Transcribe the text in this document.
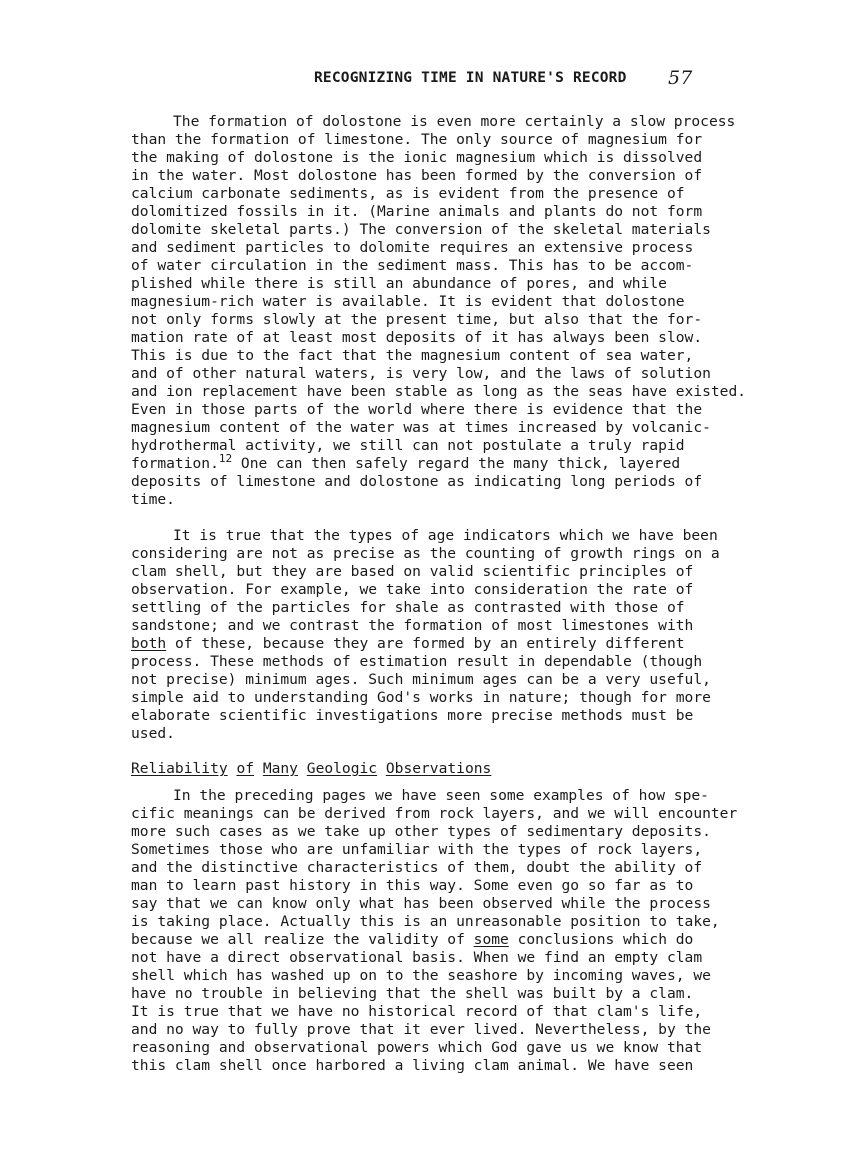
RECOGNIZING TIME IN NATURE'S RECORD 57
The formation of dolostone is even more certainly a slow process
than the formation of limestone. The only source of magnesium for
the making of dolostone is the ionic magnesium which is dissolved
in the water. Most dolostone has been formed by the conversion of
calcium carbonate sediments, as is evident from the presence of
dolomitized fossils in it. (Marine animals and plants do not form
dolomite skeletal parts.) The conversion of the skeletal materials
and sediment particles to dolomite requires an extensive process
of water circulation in the sediment mass. This has to be accom-
plished while there is still an abundance of pores, and while
magnesium-rich water is available. It is evident that dolostone
not only forms slowly at the present time, but also that the for-
mation rate of at least most deposits of it has always been slow.
This is due to the fact that the magnesium content of sea water,
and of other natural waters, is very low, and the laws of solution
and ion replacement have been stable as long as the seas have existed.
Even in those parts of the world where there is evidence that the
magnesium content of the water was at times increased by volcanic-
hydrothermal activity, we still can not postulate a truly rapid
formation.$^{12}$ One can then safely regard the many thick, layered
deposits of limestone and dolostone as indicating long periods of
time.
It is true that the types of age indicators which we have been
considering are not as precise as the counting of growth rings on a
clam shell, but they are based on valid scientific principles of
observation. For example, we take into consideration the rate of
settling of the particles for shale as contrasted with those of
sandstone; and we contrast the formation of most limestones with
both of these, because they are formed by an entirely different
process. These methods of estimation result in dependable (though
not precise) minimum ages. Such minimum ages can be a very useful,
simple aid to understanding God's works in nature; though for more
elaborate scientific investigations more precise methods must be
used.
Reliability of Many Geologic Observations
In the preceding pages we have seen some examples of how spe-
cific meanings can be derived from rock layers, and we will encounter
more such cases as we take up other types of sedimentary deposits.
Sometimes those who are unfamiliar with the types of rock layers,
and the distinctive characteristics of them, doubt the ability of
man to learn past history in this way. Some even go so far as to
say that we can know only what has been observed while the process
is taking place. Actually this is an unreasonable position to take,
because we all realize the validity of some conclusions which do
not have a direct observational basis. When we find an empty clam
shell which has washed up on to the seashore by incoming waves, we
have no trouble in believing that the shell was built by a clam.
It is true that we have no historical record of that clam's life,
and no way to fully prove that it ever lived. Nevertheless, by the
reasoning and observational powers which God gave us we know that
this clam shell once harbored a living clam animal. We have seen
